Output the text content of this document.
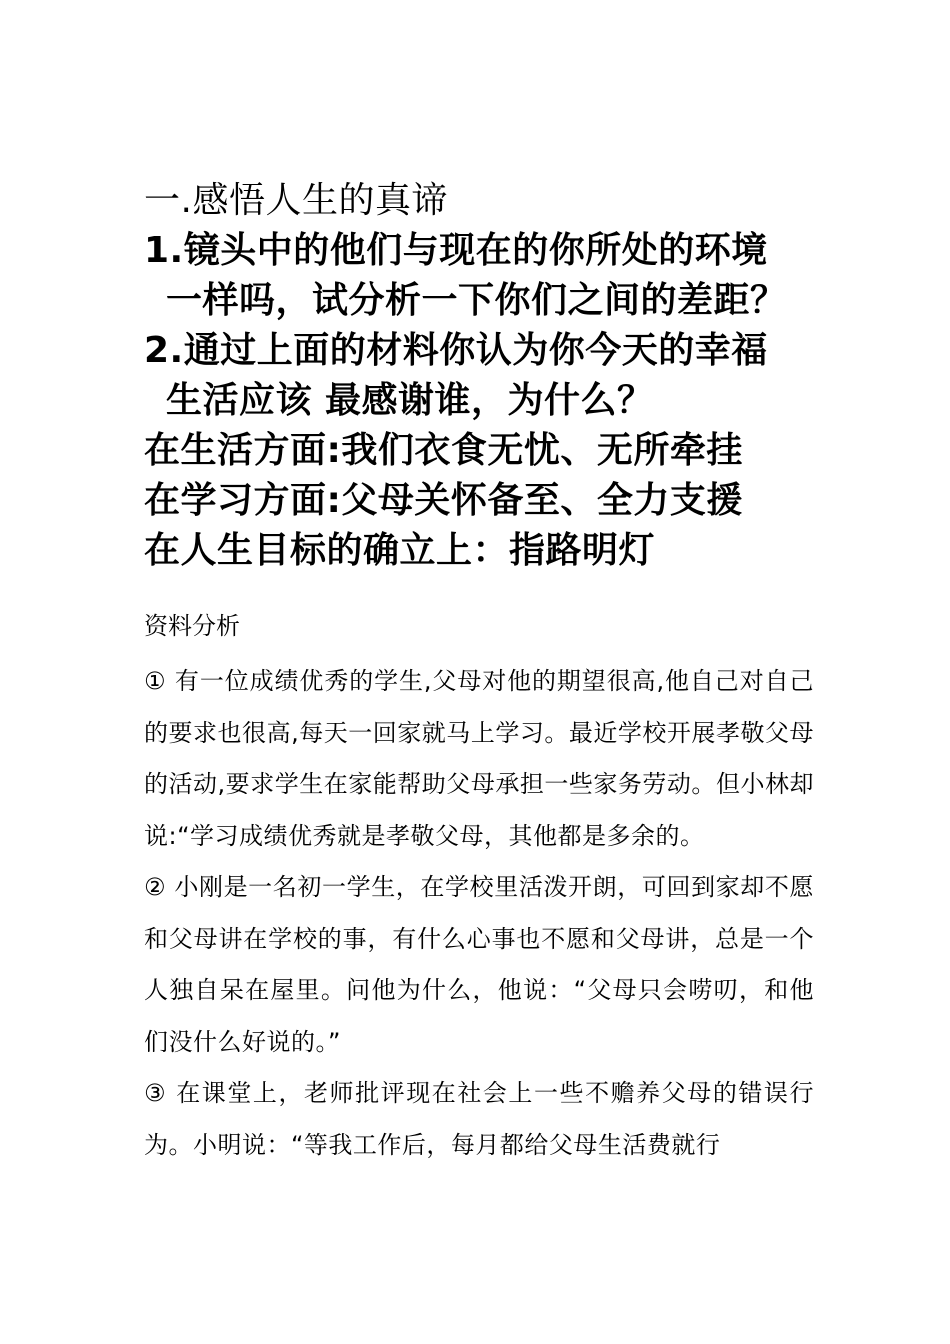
一.感悟人生的真谛
1.镜头中的他们与现在的你所处的环境
一样吗，试分析一下你们之间的差距？
2.通过上面的材料你认为你今天的幸福
生活应该 最感谢谁，为什么？
在生活方面:我们衣食无忧、无所牵挂
在学习方面:父母关怀备至、全力支援
在人生目标的确立上：指路明灯
资料分析

① 有一位成绩优秀的学生,父母对他的期望很高,他自己对自己的要求也很高,每天一回家就马上学习。最近学校开展孝敬父母的活动,要求学生在家能帮助父母承担一些家务劳动。但小林却说:“学习成绩优秀就是孝敬父母，其他都是多余的。

② 小刚是一名初一学生，在学校里活泼开朗，可回到家却不愿和父母讲在学校的事，有什么心事也不愿和父母讲，总是一个人独自呆在屋里。问他为什么，他说：“父母只会唠叨，和他们没什么好说的。”

③ 在课堂上，老师批评现在社会上一些不赡养父母的错误行为。小明说：“等我工作后，每月都给父母生活费就行
